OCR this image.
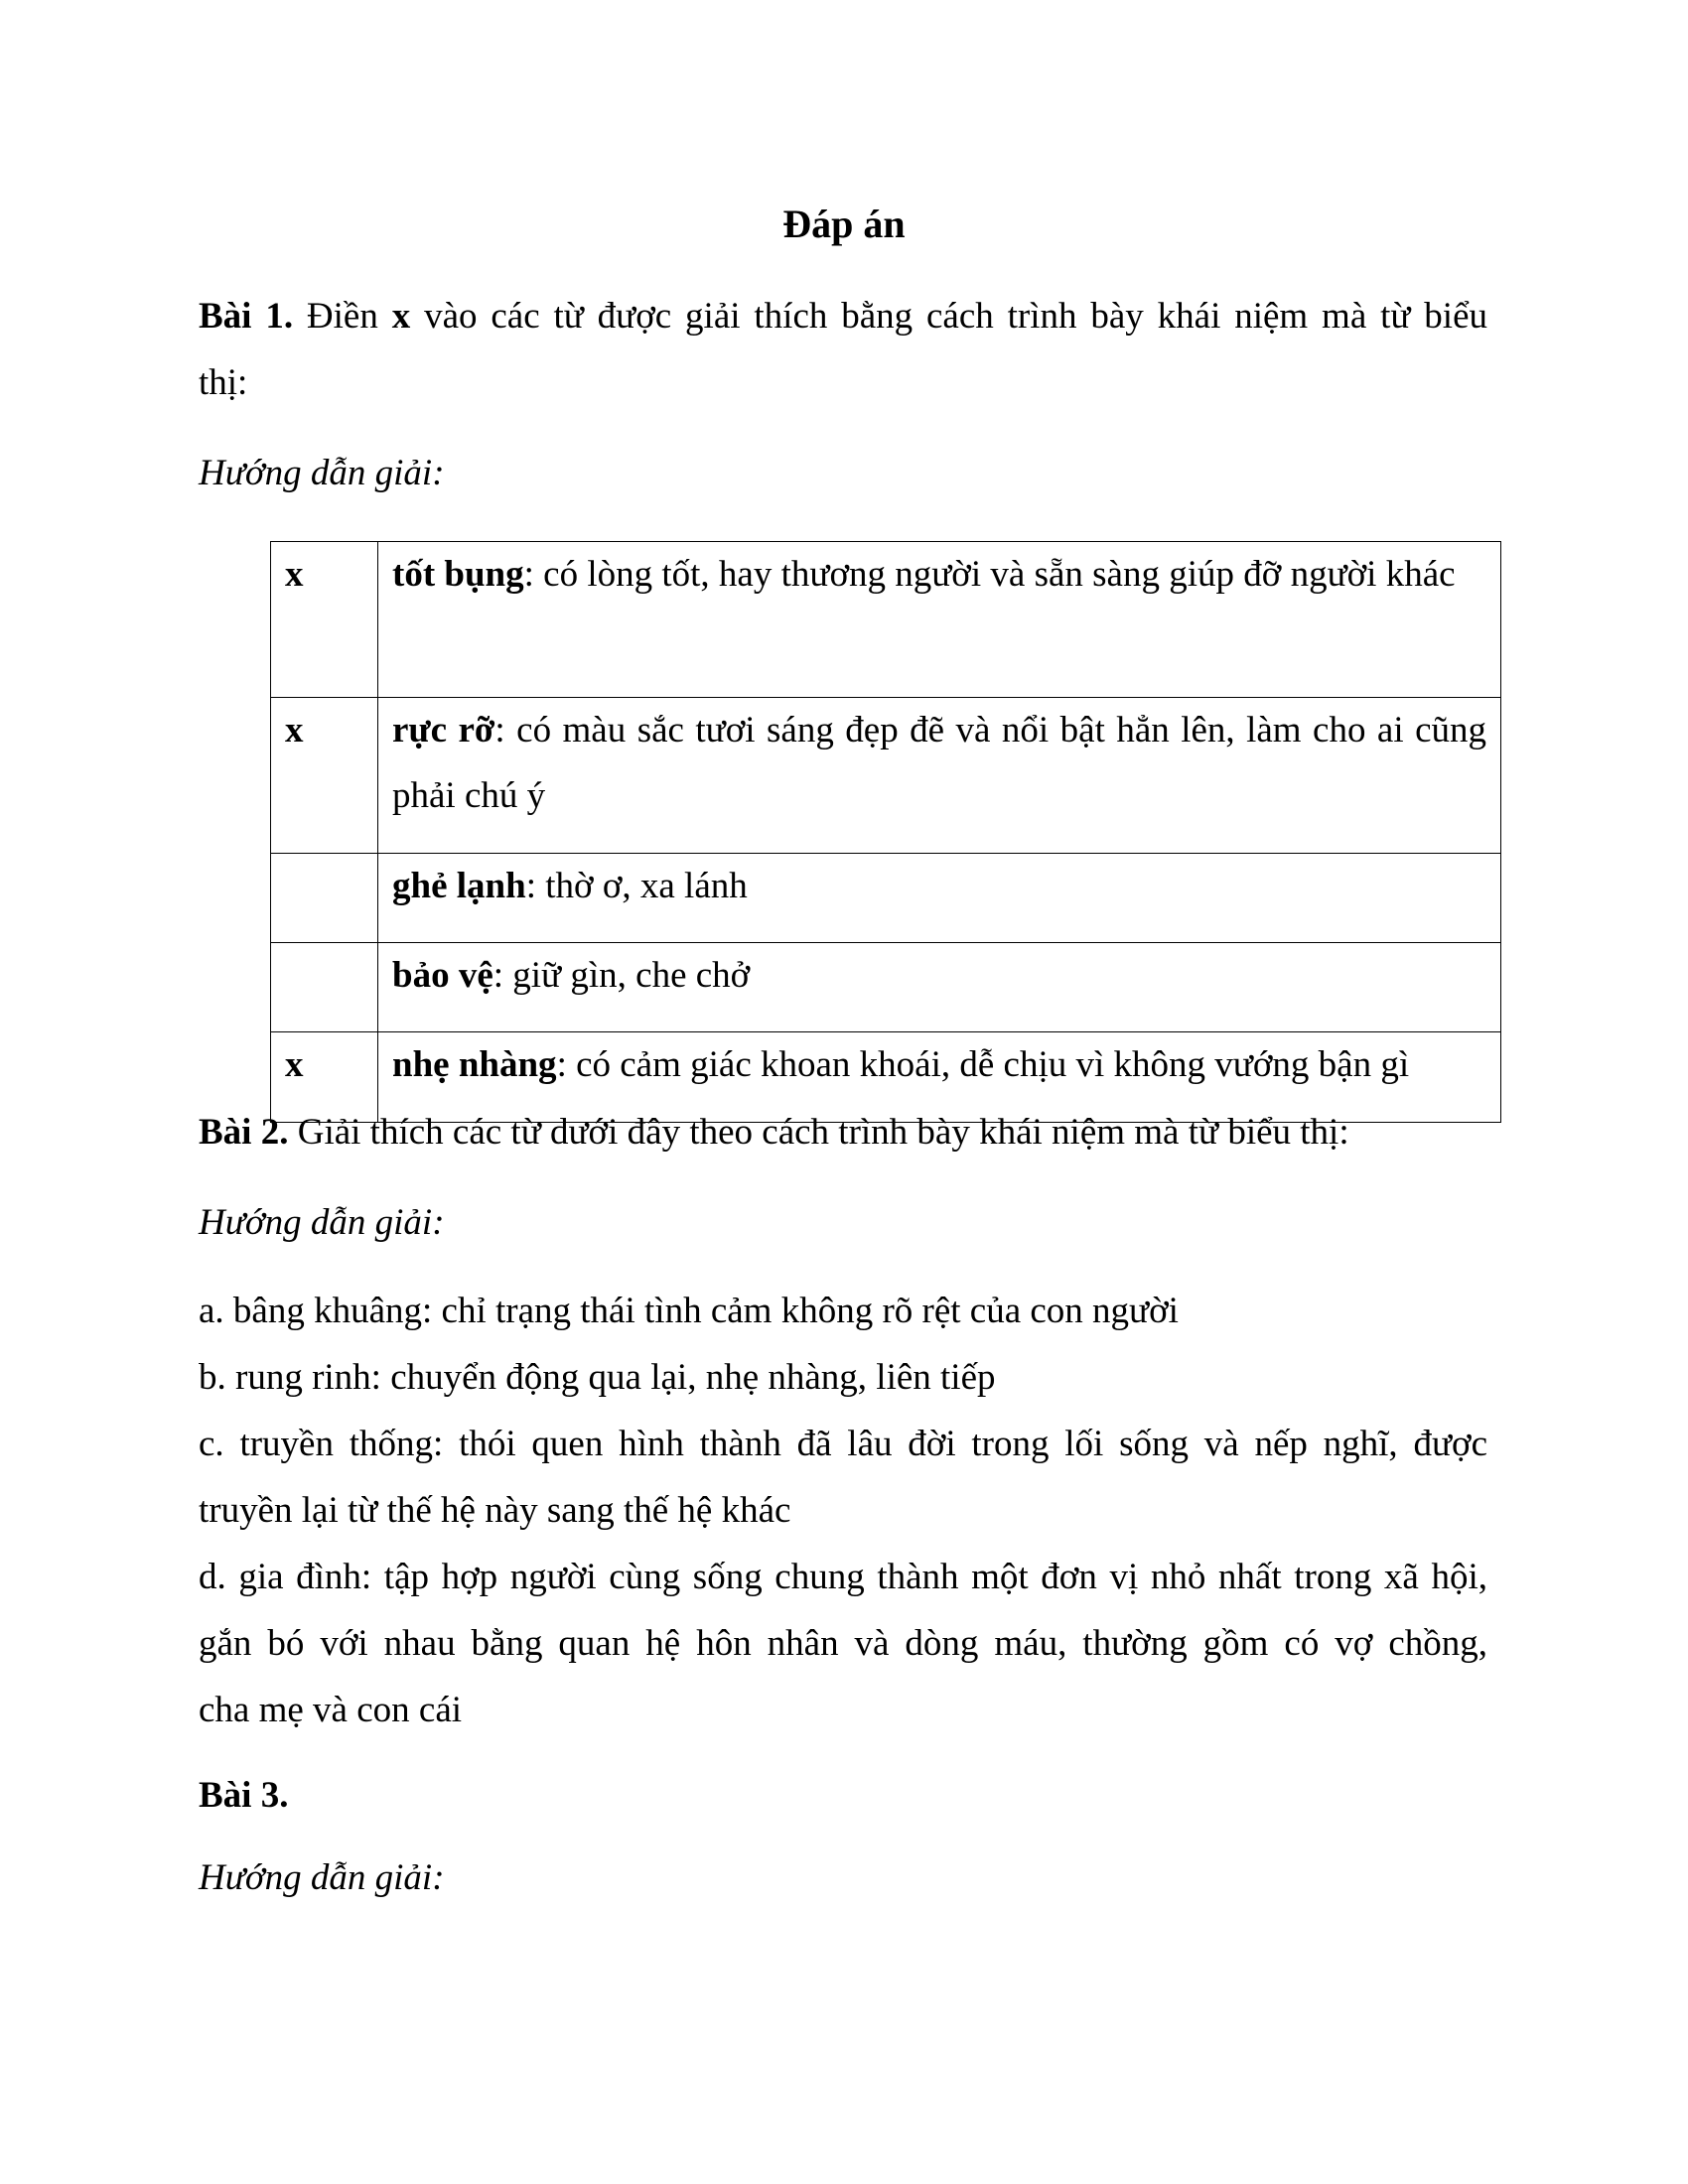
Đáp án
Bài 1. Điền x vào các từ được giải thích bằng cách trình bày khái niệm mà từ biểu
thị:
Hướng dẫn giải:
x	tốt bụng: có lòng tốt, hay thương người và sẵn sàng giúp đỡ người khác

x	rực rỡ: có màu sắc tươi sáng đẹp đẽ và nổi bật hẳn lên, làm cho ai cũng phải chú ý

	ghẻ lạnh: thờ ơ, xa lánh

	bảo vệ: giữ gìn, che chở

x	nhẹ nhàng: có cảm giác khoan khoái, dễ chịu vì không vướng bận gì
Bài 2. Giải thích các từ dưới đây theo cách trình bày khái niệm mà từ biểu thị:
Hướng dẫn giải:
a. bâng khuâng: chỉ trạng thái tình cảm không rõ rệt của con người
b. rung rinh: chuyển động qua lại, nhẹ nhàng, liên tiếp
c. truyền thống: thói quen hình thành đã lâu đời trong lối sống và nếp nghĩ, được
truyền lại từ thế hệ này sang thế hệ khác
d. gia đình: tập hợp người cùng sống chung thành một đơn vị nhỏ nhất trong xã hội,
gắn bó với nhau bằng quan hệ hôn nhân và dòng máu, thường gồm có vợ chồng,
cha mẹ và con cái
Bài 3.
Hướng dẫn giải:
